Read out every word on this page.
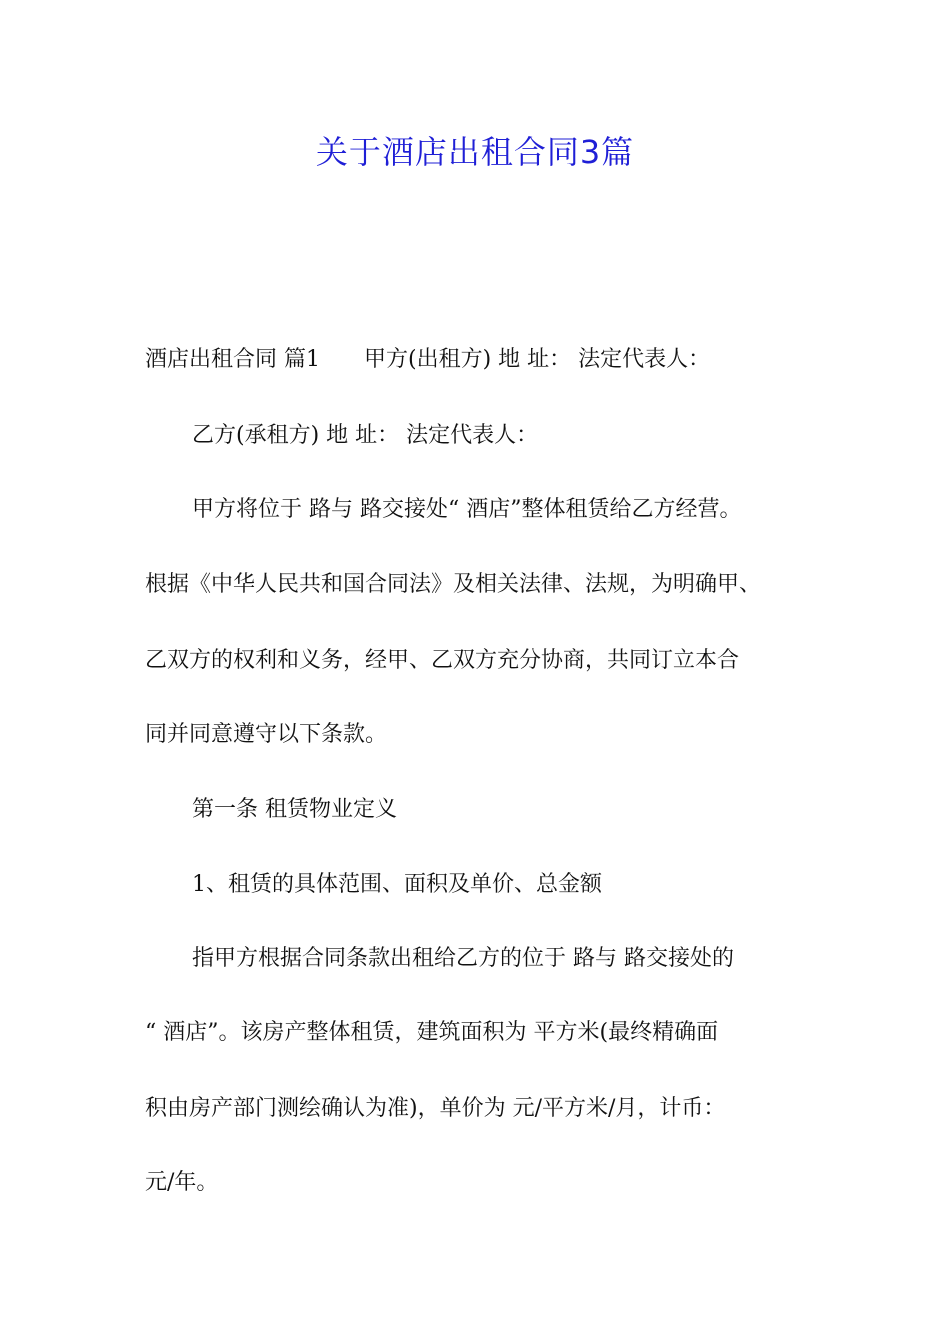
关于酒店出租合同3篇
酒店出租合同 篇1 甲方(出租方) 地 址： 法定代表人：
乙方(承租方) 地 址： 法定代表人：
甲方将位于 路与 路交接处“ 酒店”整体租赁给乙方经营。
根据《中华人民共和国合同法》及相关法律、法规，为明确甲、
乙双方的权利和义务，经甲、乙双方充分协商，共同订立本合
同并同意遵守以下条款。
第一条 租赁物业定义
1、租赁的具体范围、面积及单价、总金额
指甲方根据合同条款出租给乙方的位于 路与 路交接处的
“ 酒店”。该房产整体租赁，建筑面积为 平方米(最终精确面
积由房产部门测绘确认为准)，单价为 元/平方米/月，计币：
元/年。
